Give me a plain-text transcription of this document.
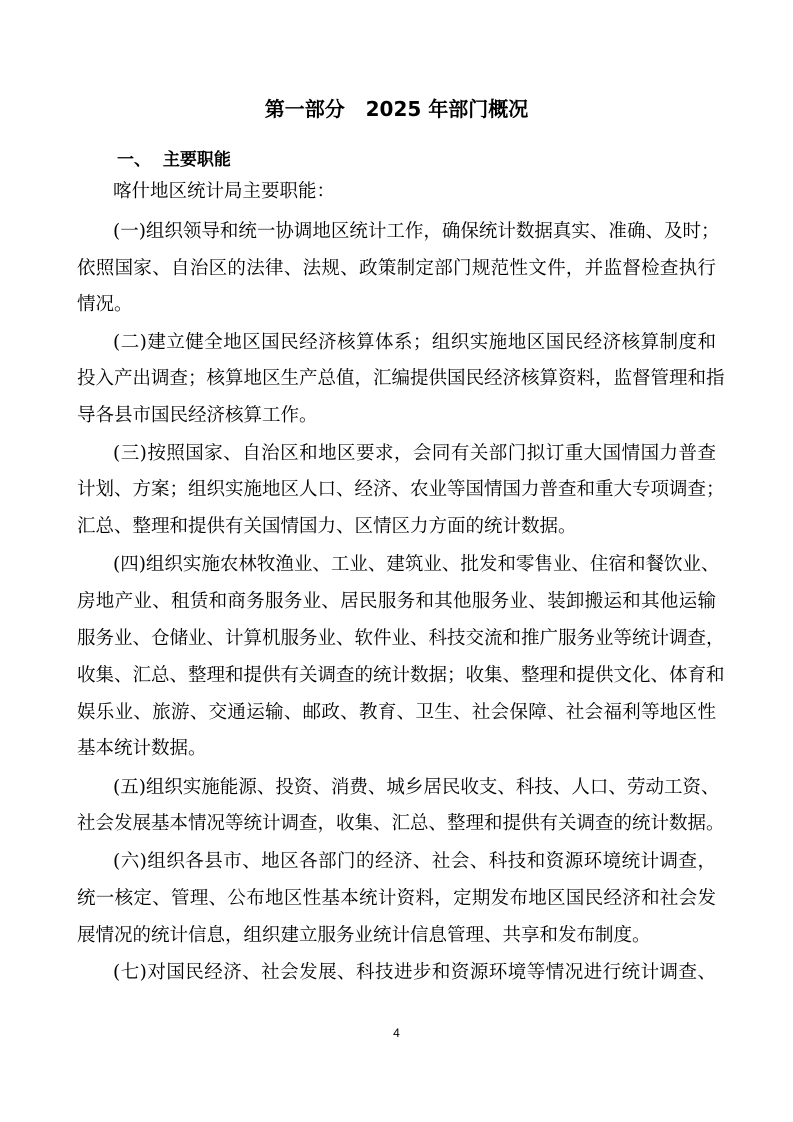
第一部分   2025 年部门概况
一、  主要职能
喀什地区统计局主要职能：
(一)组织领导和统一协调地区统计工作，确保统计数据真实、准确、及时；
依照国家、自治区的法律、法规、政策制定部门规范性文件，并监督检查执行
情况。
(二)建立健全地区国民经济核算体系；组织实施地区国民经济核算制度和
投入产出调查；核算地区生产总值，汇编提供国民经济核算资料，监督管理和指
导各县市国民经济核算工作。
(三)按照国家、自治区和地区要求，会同有关部门拟订重大国情国力普查
计划、方案；组织实施地区人口、经济、农业等国情国力普查和重大专项调查；
汇总、整理和提供有关国情国力、区情区力方面的统计数据。
(四)组织实施农林牧渔业、工业、建筑业、批发和零售业、住宿和餐饮业、
房地产业、租赁和商务服务业、居民服务和其他服务业、装卸搬运和其他运输
服务业、仓储业、计算机服务业、软件业、科技交流和推广服务业等统计调查，
收集、汇总、整理和提供有关调查的统计数据；收集、整理和提供文化、体育和
娱乐业、旅游、交通运输、邮政、教育、卫生、社会保障、社会福利等地区性
基本统计数据。
(五)组织实施能源、投资、消费、城乡居民收支、科技、人口、劳动工资、
社会发展基本情况等统计调查，收集、汇总、整理和提供有关调查的统计数据。
(六)组织各县市、地区各部门的经济、社会、科技和资源环境统计调查，
统一核定、管理、公布地区性基本统计资料，定期发布地区国民经济和社会发
展情况的统计信息，组织建立服务业统计信息管理、共享和发布制度。
(七)对国民经济、社会发展、科技进步和资源环境等情况进行统计调查、
4
